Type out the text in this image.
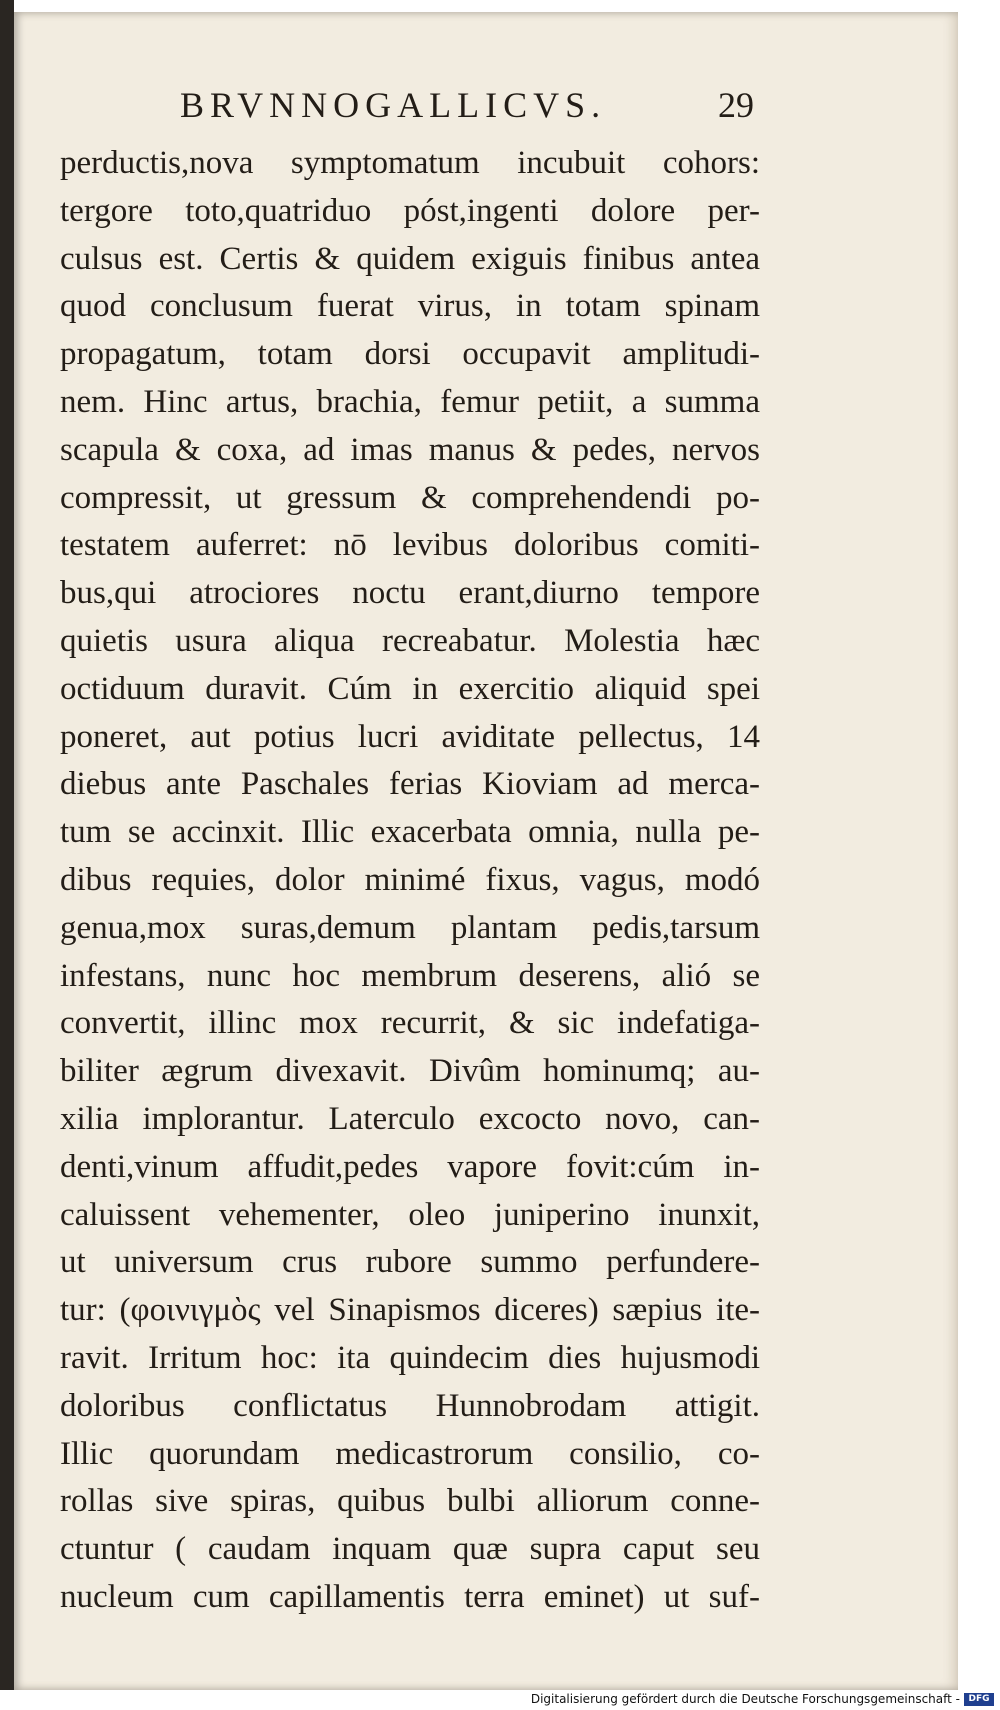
BRVNNOGALLICVS.	29
perductis,nova symptomatum incubuit cohors:
tergore toto,quatriduo póst,ingenti dolore per-
culsus est. Certis & quidem exiguis finibus antea
quod conclusum fuerat virus, in totam spinam
propagatum, totam dorsi occupavit amplitudi-
nem. Hinc artus, brachia, femur petiit, a summa
scapula & coxa, ad imas manus & pedes, nervos
compressit, ut gressum & comprehendendi po-
testatem auferret: nō levibus doloribus comiti-
bus,qui atrociores noctu erant,diurno tempore
quietis usura aliqua recreabatur. Molestia hæc
octiduum duravit. Cúm in exercitio aliquid spei
poneret, aut potius lucri aviditate pellectus, 14
diebus ante Paschales ferias Kioviam ad merca-
tum se accinxit. Illic exacerbata omnia, nulla pe-
dibus requies, dolor minimé fixus, vagus, modó
genua,mox suras,demum plantam pedis,tarsum
infestans, nunc hoc membrum deserens, alió se
convertit, illinc mox recurrit, & sic indefatiga-
biliter ægrum divexavit. Divûm hominumq; au-
xilia implorantur. Laterculo excocto novo, can-
denti,vinum affudit,pedes vapore fovit:cúm in-
caluissent vehementer, oleo juniperino inunxit,
ut universum crus rubore summo perfundere-
tur: (φοινιγμὸς vel Sinapismos diceres) sæpius ite-
ravit. Irritum hoc: ita quindecim dies hujusmodi
doloribus conflictatus Hunnobrodam attigit.
Illic quorundam medicastrorum consilio, co-
rollas sive spiras, quibus bulbi alliorum conne-
ctuntur ( caudam inquam quæ supra caput seu
nucleum cum capillamentis terra eminet) ut suf-
Digitalisierung gefördert durch die Deutsche Forschungsgemeinschaft - DFG
